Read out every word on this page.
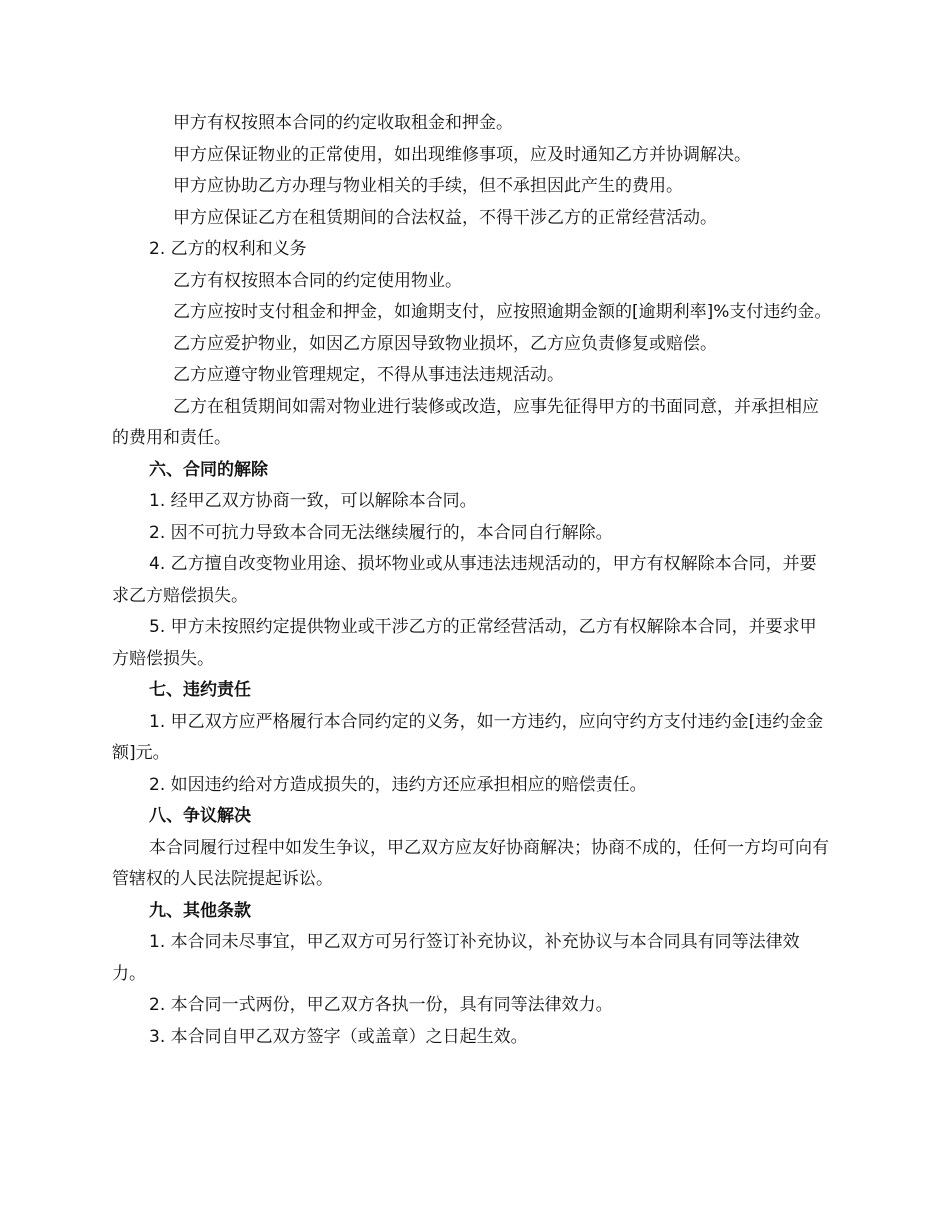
甲方有权按照本合同的约定收取租金和押金。

甲方应保证物业的正常使用，如出现维修事项，应及时通知乙方并协调解决。

甲方应协助乙方办理与物业相关的手续，但不承担因此产生的费用。

甲方应保证乙方在租赁期间的合法权益，不得干涉乙方的正常经营活动。

2. 乙方的权利和义务

乙方有权按照本合同的约定使用物业。

乙方应按时支付租金和押金，如逾期支付，应按照逾期金额的[逾期利率]%支付违约金。

乙方应爱护物业，如因乙方原因导致物业损坏，乙方应负责修复或赔偿。

乙方应遵守物业管理规定，不得从事违法违规活动。

乙方在租赁期间如需对物业进行装修或改造，应事先征得甲方的书面同意，并承担相应的费用和责任。

六、合同的解除

1. 经甲乙双方协商一致，可以解除本合同。

2. 因不可抗力导致本合同无法继续履行的，本合同自行解除。

4. 乙方擅自改变物业用途、损坏物业或从事违法违规活动的，甲方有权解除本合同，并要求乙方赔偿损失。

5. 甲方未按照约定提供物业或干涉乙方的正常经营活动，乙方有权解除本合同，并要求甲方赔偿损失。

七、违约责任

1. 甲乙双方应严格履行本合同约定的义务，如一方违约，应向守约方支付违约金[违约金金额]元。

2. 如因违约给对方造成损失的，违约方还应承担相应的赔偿责任。

八、争议解决

本合同履行过程中如发生争议，甲乙双方应友好协商解决；协商不成的，任何一方均可向有管辖权的人民法院提起诉讼。

九、其他条款

1. 本合同未尽事宜，甲乙双方可另行签订补充协议，补充协议与本合同具有同等法律效力。

2. 本合同一式两份，甲乙双方各执一份，具有同等法律效力。

3. 本合同自甲乙双方签字（或盖章）之日起生效。
